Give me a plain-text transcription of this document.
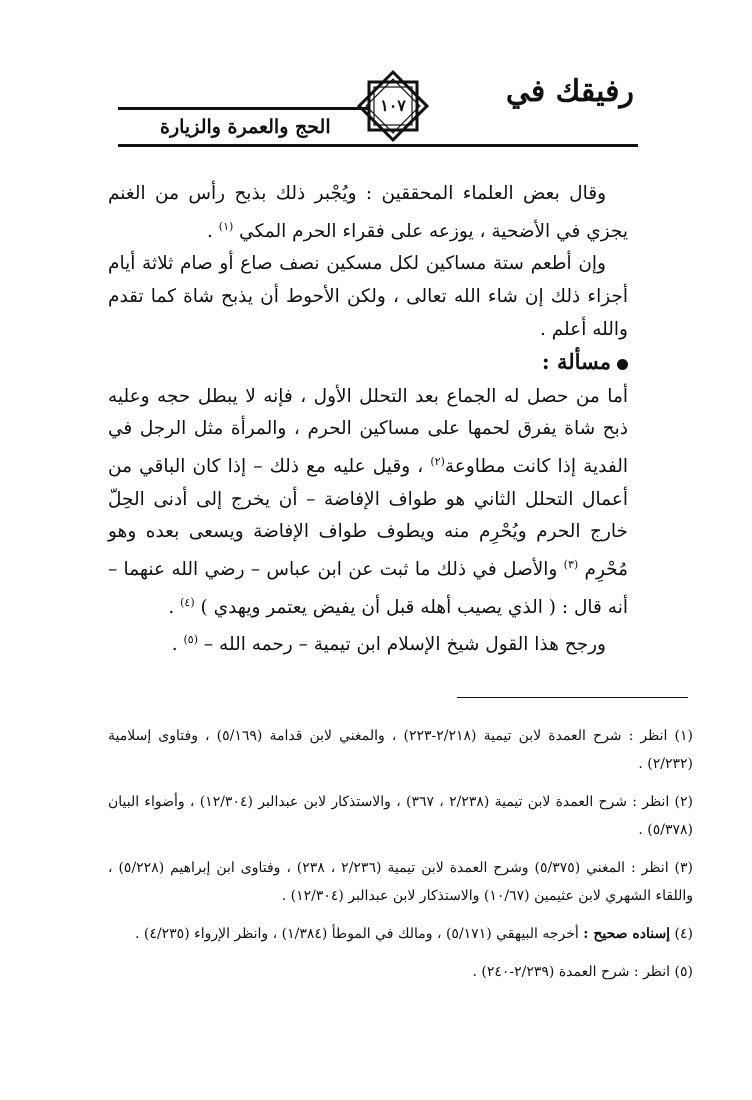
رفيقك في
١٠٧
الحج والعمرة والزيارة

وقال بعض العلماء المحققين : ويُجْبر ذلك بذبح رأس من الغنم يجزي في الأضحية ، يوزعه على فقراء الحرم المكي $^{(١)}$ .

وإن أطعم ستة مساكين لكل مسكين نصف صاع أو صام ثلاثة أيام أجزاء ذلك إن شاء الله تعالى ، ولكن الأحوط أن يذبح شاة كما تقدم والله أعلم .

مسألة :

أما من حصل له الجماع بعد التحلل الأول ، فإنه لا يبطل حجه وعليه ذبح شاة يفرق لحمها على مساكين الحرم ، والمرأة مثل الرجل في الفدية إذا كانت مطاوعة$^{(٢)}$ ، وقيل عليه مع ذلك – إذا كان الباقي من أعمال التحلل الثاني هو طواف الإفاضة – أن يخرج إلى أدنى الحِلّ خارج الحرم ويُحْرِم منه ويطوف طواف الإفاضة ويسعى بعده وهو مُحْرِم $^{(٣)}$ والأصل في ذلك ما ثبت عن ابن عباس – رضي الله عنهما – أنه قال : ( الذي يصيب أهله قبل أن يفيض يعتمر ويهدي ) $^{(٤)}$ .

ورجح هذا القول شيخ الإسلام ابن تيمية – رحمه الله – $^{(٥)}$ .

(١) انظر : شرح العمدة لابن تيمية (٢/٢١٨-٢٢٣) ، والمغني لابن قدامة (٥/١٦٩) ، وفتاوى إسلامية (٢/٢٣٢) .

(٢) انظر : شرح العمدة لابن تيمية (٢/٢٣٨ ، ٣٦٧) ، والاستذكار لابن عبدالبر (١٢/٣٠٤) ، وأضواء البيان (٥/٣٧٨) .

(٣) انظر : المغني (٥/٣٧٥) وشرح العمدة لابن تيمية (٢/٢٣٦ ، ٢٣٨) ، وفتاوى ابن إبراهيم (٥/٢٢٨) ، واللقاء الشهري لابن عثيمين (١٠/٦٧) والاستذكار لابن عبدالبر (١٢/٣٠٤) .

(٤) إسناده صحيح : أخرجه البيهقي (٥/١٧١) ، ومالك في الموطأ (١/٣٨٤) ، وانظر الإرواء (٤/٢٣٥) .

(٥) انظر : شرح العمدة (٢/٢٣٩-٢٤٠) .
